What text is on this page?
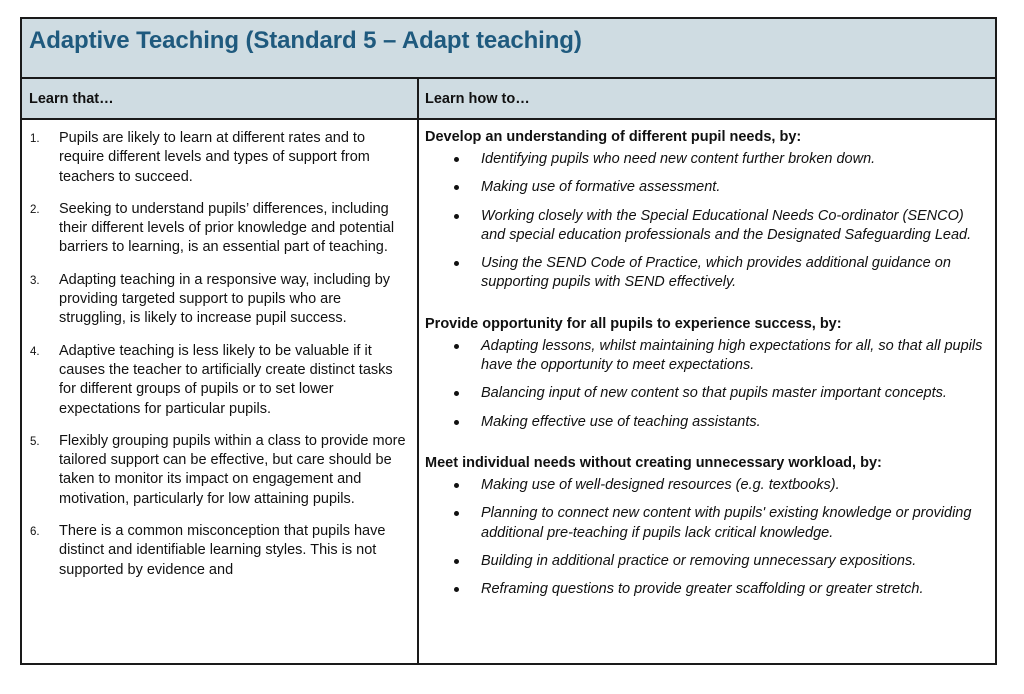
Adaptive Teaching (Standard 5 – Adapt teaching)
Learn that…	Learn how to…
1. Pupils are likely to learn at different rates and to require different levels and types of support from teachers to succeed.
2. Seeking to understand pupils’ differences, including their different levels of prior knowledge and potential barriers to learning, is an essential part of teaching.
3. Adapting teaching in a responsive way, including by providing targeted support to pupils who are struggling, is likely to increase pupil success.
4. Adaptive teaching is less likely to be valuable if it causes the teacher to artificially create distinct tasks for different groups of pupils or to set lower expectations for particular pupils.
5. Flexibly grouping pupils within a class to provide more tailored support can be effective, but care should be taken to monitor its impact on engagement and motivation, particularly for low attaining pupils.
6. There is a common misconception that pupils have distinct and identifiable learning styles. This is not supported by evidence and
Develop an understanding of different pupil needs, by:
Identifying pupils who need new content further broken down.
Making use of formative assessment.
Working closely with the Special Educational Needs Co-ordinator (SENCO) and special education professionals and the Designated Safeguarding Lead.
Using the SEND Code of Practice, which provides additional guidance on supporting pupils with SEND effectively.
Provide opportunity for all pupils to experience success, by:
Adapting lessons, whilst maintaining high expectations for all, so that all pupils have the opportunity to meet expectations.
Balancing input of new content so that pupils master important concepts.
Making effective use of teaching assistants.
Meet individual needs without creating unnecessary workload, by:
Making use of well-designed resources (e.g. textbooks).
Planning to connect new content with pupils' existing knowledge or providing additional pre-teaching if pupils lack critical knowledge.
Building in additional practice or removing unnecessary expositions.
Reframing questions to provide greater scaffolding or greater stretch.
